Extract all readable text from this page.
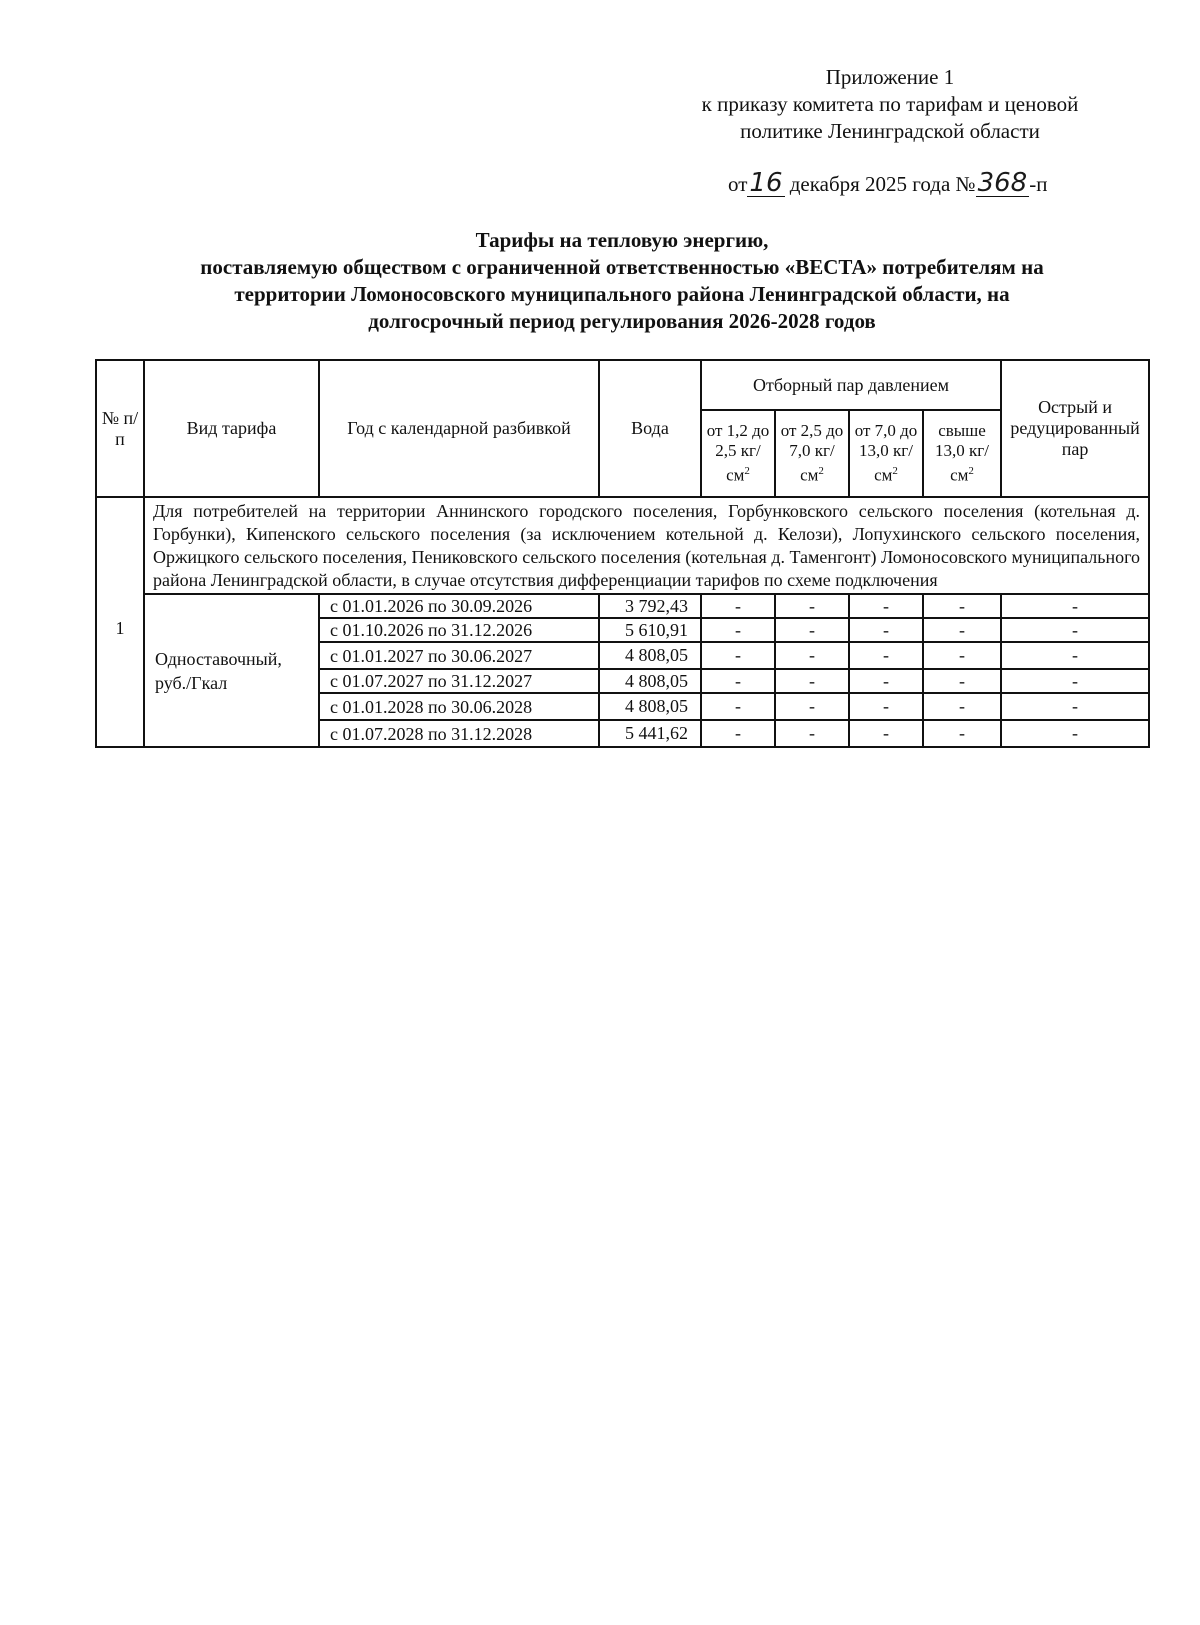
Приложение 1
к приказу комитета по тарифам и ценовой
политике Ленинградской области
от16 декабря 2025 года №368-п
Тарифы на тепловую энергию,
поставляемую обществом с ограниченной ответственностью «ВЕСТА» потребителям на
территории Ломоносовского муниципального района Ленинградской области, на
долгосрочный период регулирования 2026-2028 годов
№ п/п	Вид тарифа	Год с календарной разбивкой	Вода	Отборный пар давлением				Острый и редуцированный пар
				от 1,2 до 2,5 $кг/см^2$	от 2,5 до 7,0 $кг/см^2$	от 7,0 до 13,0 $кг/см^2$	свыше 13,0 $кг/см^2$
1	Для потребителей на территории Аннинского городского поселения, Горбунковского сельского поселения (котельная д. Горбунки), Кипенского сельского поселения (за исключением котельной д. Келози), Лопухинского сельского поселения, Оржицкого сельского поселения, Пениковского сельского поселения (котельная д. Таменгонт) Ломоносовского муниципального района Ленинградской области, в случае отсутствия дифференциации тарифов по схеме подключения							
	Одноставочный, руб./Гкал	с 01.01.2026 по 30.09.2026	3 792,43	-	-	-	-	-
		с 01.10.2026 по 31.12.2026	5 610,91	-	-	-	-	-
		с 01.01.2027 по 30.06.2027	4 808,05	-	-	-	-	-
		с 01.07.2027 по 31.12.2027	4 808,05	-	-	-	-	-
		с 01.01.2028 по 30.06.2028	4 808,05	-	-	-	-	-
		с 01.07.2028 по 31.12.2028	5 441,62	-	-	-	-	-
